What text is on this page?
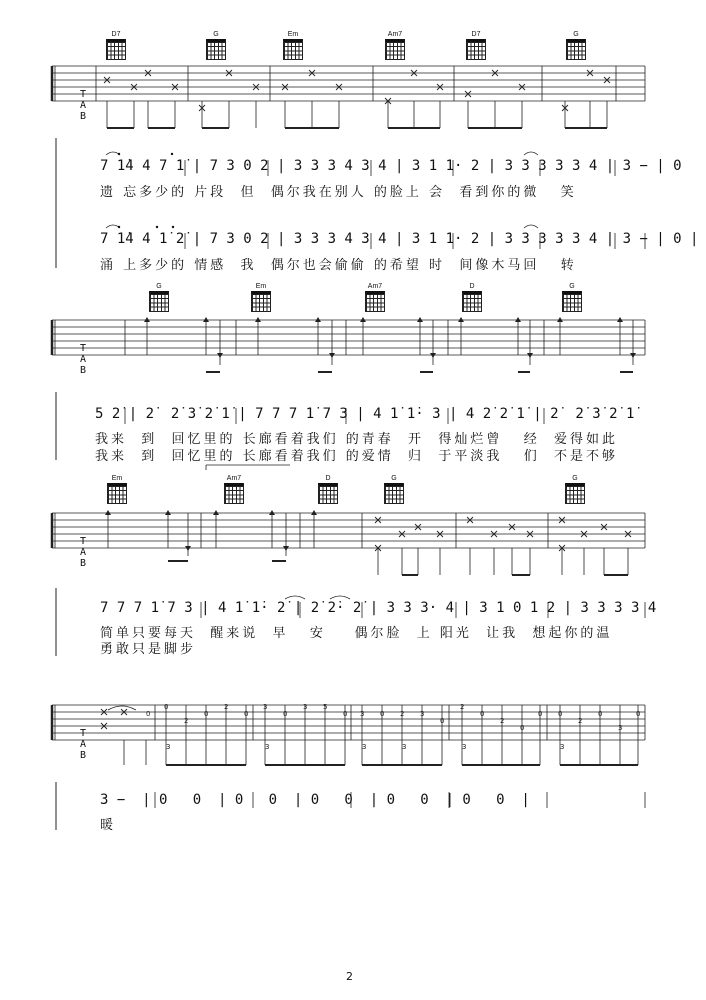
0
0
2
0
2
0
3
0
3 5
0 3 0 2 3
0
2
0
2
0
0 0
2
0
3
0
3	3	3	3	3	3

T
A
B

T
A
B

T
A
B

T
A
B

D7	G	Em	Am7	D7	G
G	Em	Am7	D	G
Em	Am7	D	G	G
7 1̇4 4 7 1̇ | 7 3 0 2 | 3 3 3 4 3 4 | 3 1 1· 2 | 3 3 3 3 3 4 | 3 − | 0
遗 忘多少的 片段  但  偶尔我在别人 的脸上 会  看到你的微   笑
7 1̇4 4 1̇ 2̇ | 7 3 0 2 | 3 3 3 4 3 4 | 3 1 1· 2 | 3 3 3 3 3 4 | 3 − | 0 |
涌 上多少的 情感  我  偶尔也会偷偷 的希望 时  间像木马回   转
5 2̇ | 2̇  2̇ 3̇ 2̇ 1̇ | 7 7 7 1̇ 7 3 | 4 1̇ 1̇· 3 | 4 2̇ 2̇ 1̇ | 2̇  2̇ 3̇ 2̇ 1̇
我来  到  回忆里的 长廊看着我们 的青春  开  得灿烂曾   经  爱得如此
我来  到  回忆里的 长廊看着我们 的爱情  归  于平淡我   们  不是不够
7 7 7 1̇ 7 3 | 4 1̇ 1̇· 2̇ | 2̇ 2̇· 2̇ | 3 3 3· 4 | 3 1 0 1 2 | 3 3 3 3 4
简单只要每天  醒来说  早   安    偶尔脸  上 阳光  让我  想起你的温
勇敢只是脚步
3 −  | 0   0  | 0   0  | 0   0  | 0   0  | 0   0  |
暖
2
